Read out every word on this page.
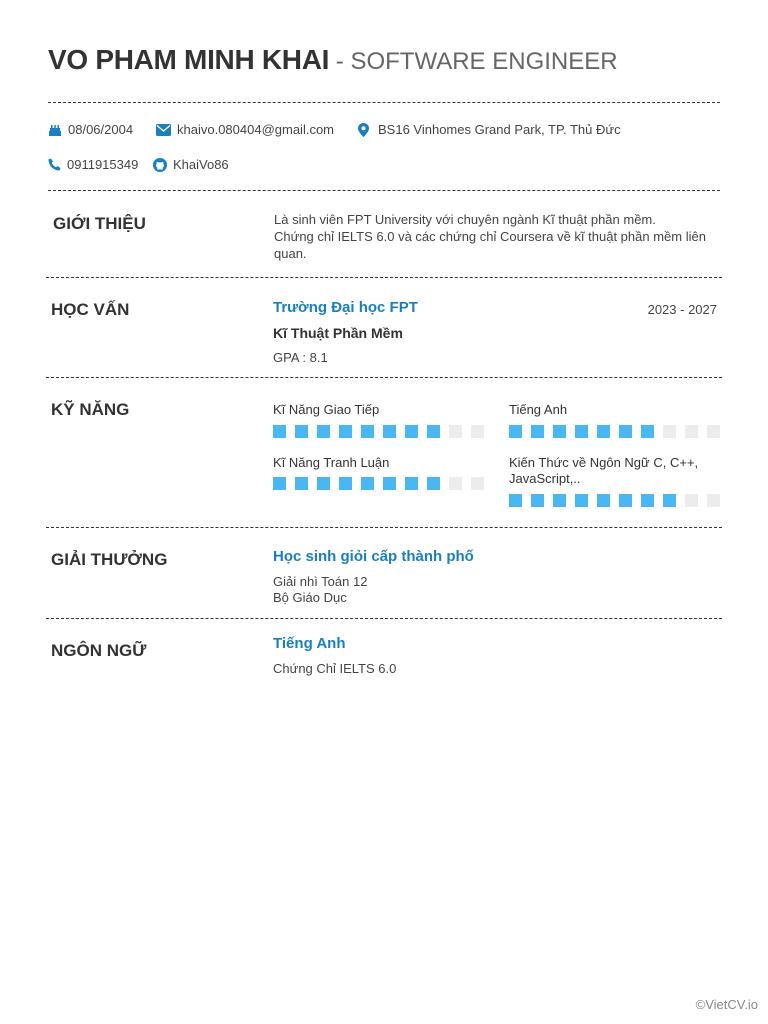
VO PHAM MINH KHAI - SOFTWARE ENGINEER
08/06/2004	khaivo.080404@gmail.com	BS16 Vinhomes Grand Park, TP. Thủ Đức
0911915349	KhaiVo86
GIỚI THIỆU	Là sinh viên FPT University với chuyên ngành Kĩ thuật phần mềm.
Chứng chỉ IELTS 6.0 và các chứng chỉ Coursera về kĩ thuật phần mềm liên quan.
HỌC VẤN	Trường Đại học FPT	2023 - 2027
Kĩ Thuật Phần Mềm
GPA : 8.1
KỸ NĂNG	Kĩ Năng Giao Tiếp	Tiếng Anh
Kĩ Năng Tranh Luận	Kiến Thức về Ngôn Ngữ C, C++, JavaScript,..
GIẢI THƯỞNG	Học sinh giỏi cấp thành phố
Giải nhì Toán 12
Bộ Giáo Dục
NGÔN NGỮ	Tiếng Anh
Chứng Chỉ IELTS 6.0
©VietCV.io
